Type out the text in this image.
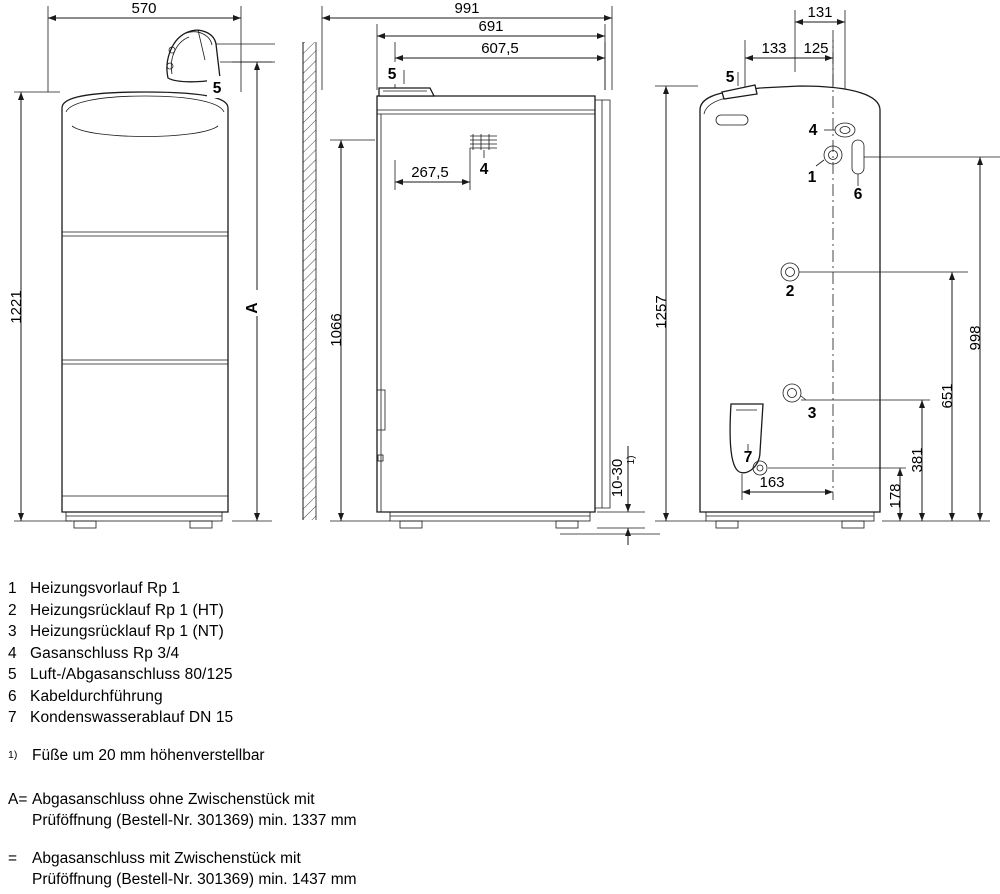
570
5
1221	A
991
691
607,5
5
4
267,5
1066
10-30 1)
131
133 125
5
4
1
6
2
3
7
163
1257
998
651
381
178
1 Heizungsvorlauf Rp 1
2 Heizungsrücklauf Rp 1 (HT)
3 Heizungsrücklauf Rp 1 (NT)
4 Gasanschluss Rp 3/4
5 Luft-/Abgasanschluss 80/125
6 Kabeldurchführung
7 Kondenswasserablauf DN 15
$^{1)}$ Füße um 20 mm höhenverstellbar
A= Abgasanschluss ohne Zwischenstück mit
Prüföffnung (Bestell-Nr. 301369) min. 1337 mm
= Abgasanschluss mit Zwischenstück mit
Prüföffnung (Bestell-Nr. 301369) min. 1437 mm
